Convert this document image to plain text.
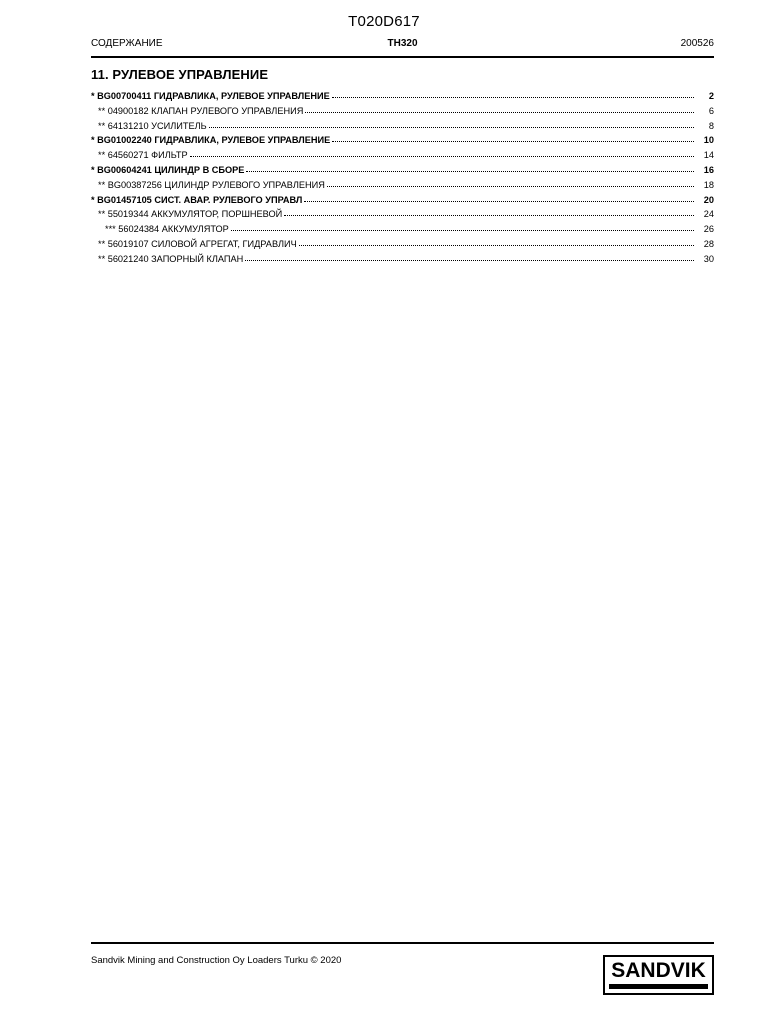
T020D617
СОДЕРЖАНИЕ	TH320	200526
11. РУЛЕВОЕ УПРАВЛЕНИЕ
* BG00700411 ГИДРАВЛИКА, РУЛЕВОЕ УПРАВЛЕНИЕ	2
** 04900182 КЛАПАН РУЛЕВОГО УПРАВЛЕНИЯ	6
** 64131210 УСИЛИТЕЛЬ	8
* BG01002240 ГИДРАВЛИКА, РУЛЕВОЕ УПРАВЛЕНИЕ	10
** 64560271 ФИЛЬТР	14
* BG00604241 ЦИЛИНДР В СБОРЕ	16
** BG00387256 ЦИЛИНДР РУЛЕВОГО УПРАВЛЕНИЯ	18
* BG01457105 СИСТ. АВАР. РУЛЕВОГО УПРАВЛ	20
** 55019344 АККУМУЛЯТОР, ПОРШНЕВОЙ	24
*** 56024384 АККУМУЛЯТОР	26
** 56019107 СИЛОВОЙ АГРЕГАТ, ГИДРАВЛИЧ	28
** 56021240 ЗАПОРНЫЙ КЛАПАН	30
Sandvik Mining and Construction Oy Loaders Turku © 2020	SANDVIK
